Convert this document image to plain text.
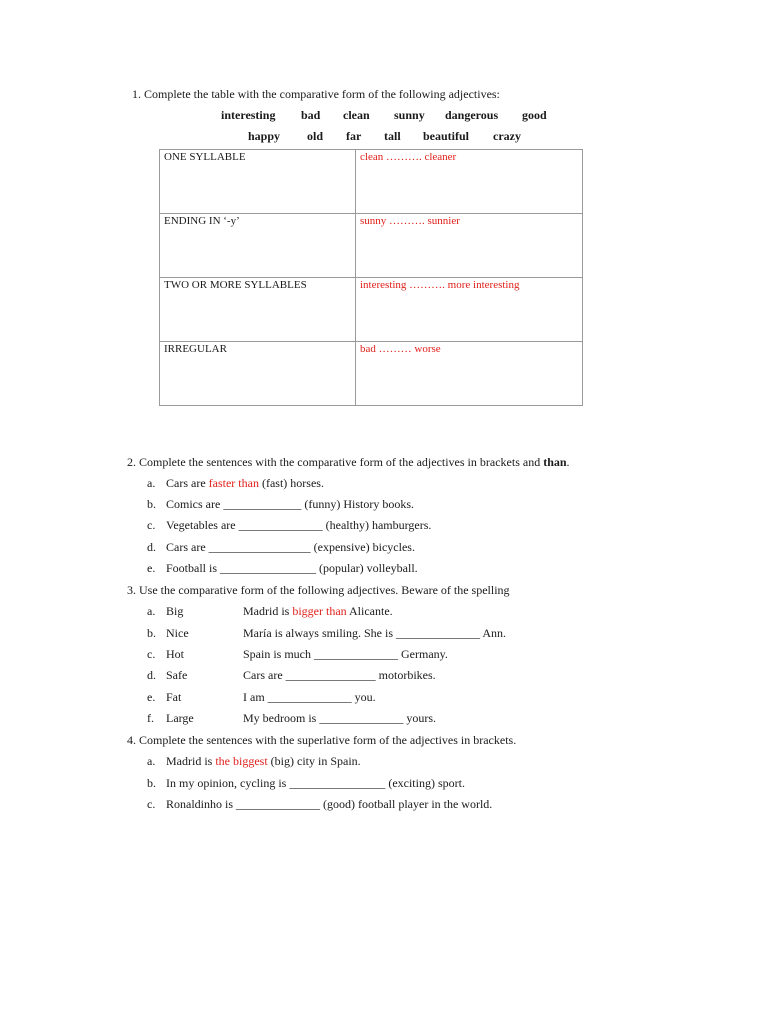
1. Complete the table with the comparative form of the following adjectives:
interesting bad clean sunny dangerous good
happy old far tall beautiful crazy
ONE SYLLABLE	clean ………. cleaner
ENDING IN ‘-y’	sunny ………. sunnier
TWO OR MORE SYLLABLES	interesting ………. more interesting
IRREGULAR	bad ……… worse
2. Complete the sentences with the comparative form of the adjectives in brackets and than.
a. Cars are faster than (fast) horses.
b. Comics are _____________ (funny) History books.
c. Vegetables are ______________ (healthy) hamburgers.
d. Cars are _________________ (expensive) bicycles.
e. Football is ________________ (popular) volleyball.
3. Use the comparative form of the following adjectives. Beware of the spelling
a. Big	Madrid is bigger than Alicante.
b. Nice	María is always smiling. She is ______________ Ann.
c. Hot	Spain is much ______________ Germany.
d. Safe	Cars are _______________ motorbikes.
e. Fat	I am ______________ you.
f. Large	My bedroom is ______________ yours.
4. Complete the sentences with the superlative form of the adjectives in brackets.
a. Madrid is the biggest (big) city in Spain.
b. In my opinion, cycling is ________________ (exciting) sport.
c. Ronaldinho is ______________ (good) football player in the world.
